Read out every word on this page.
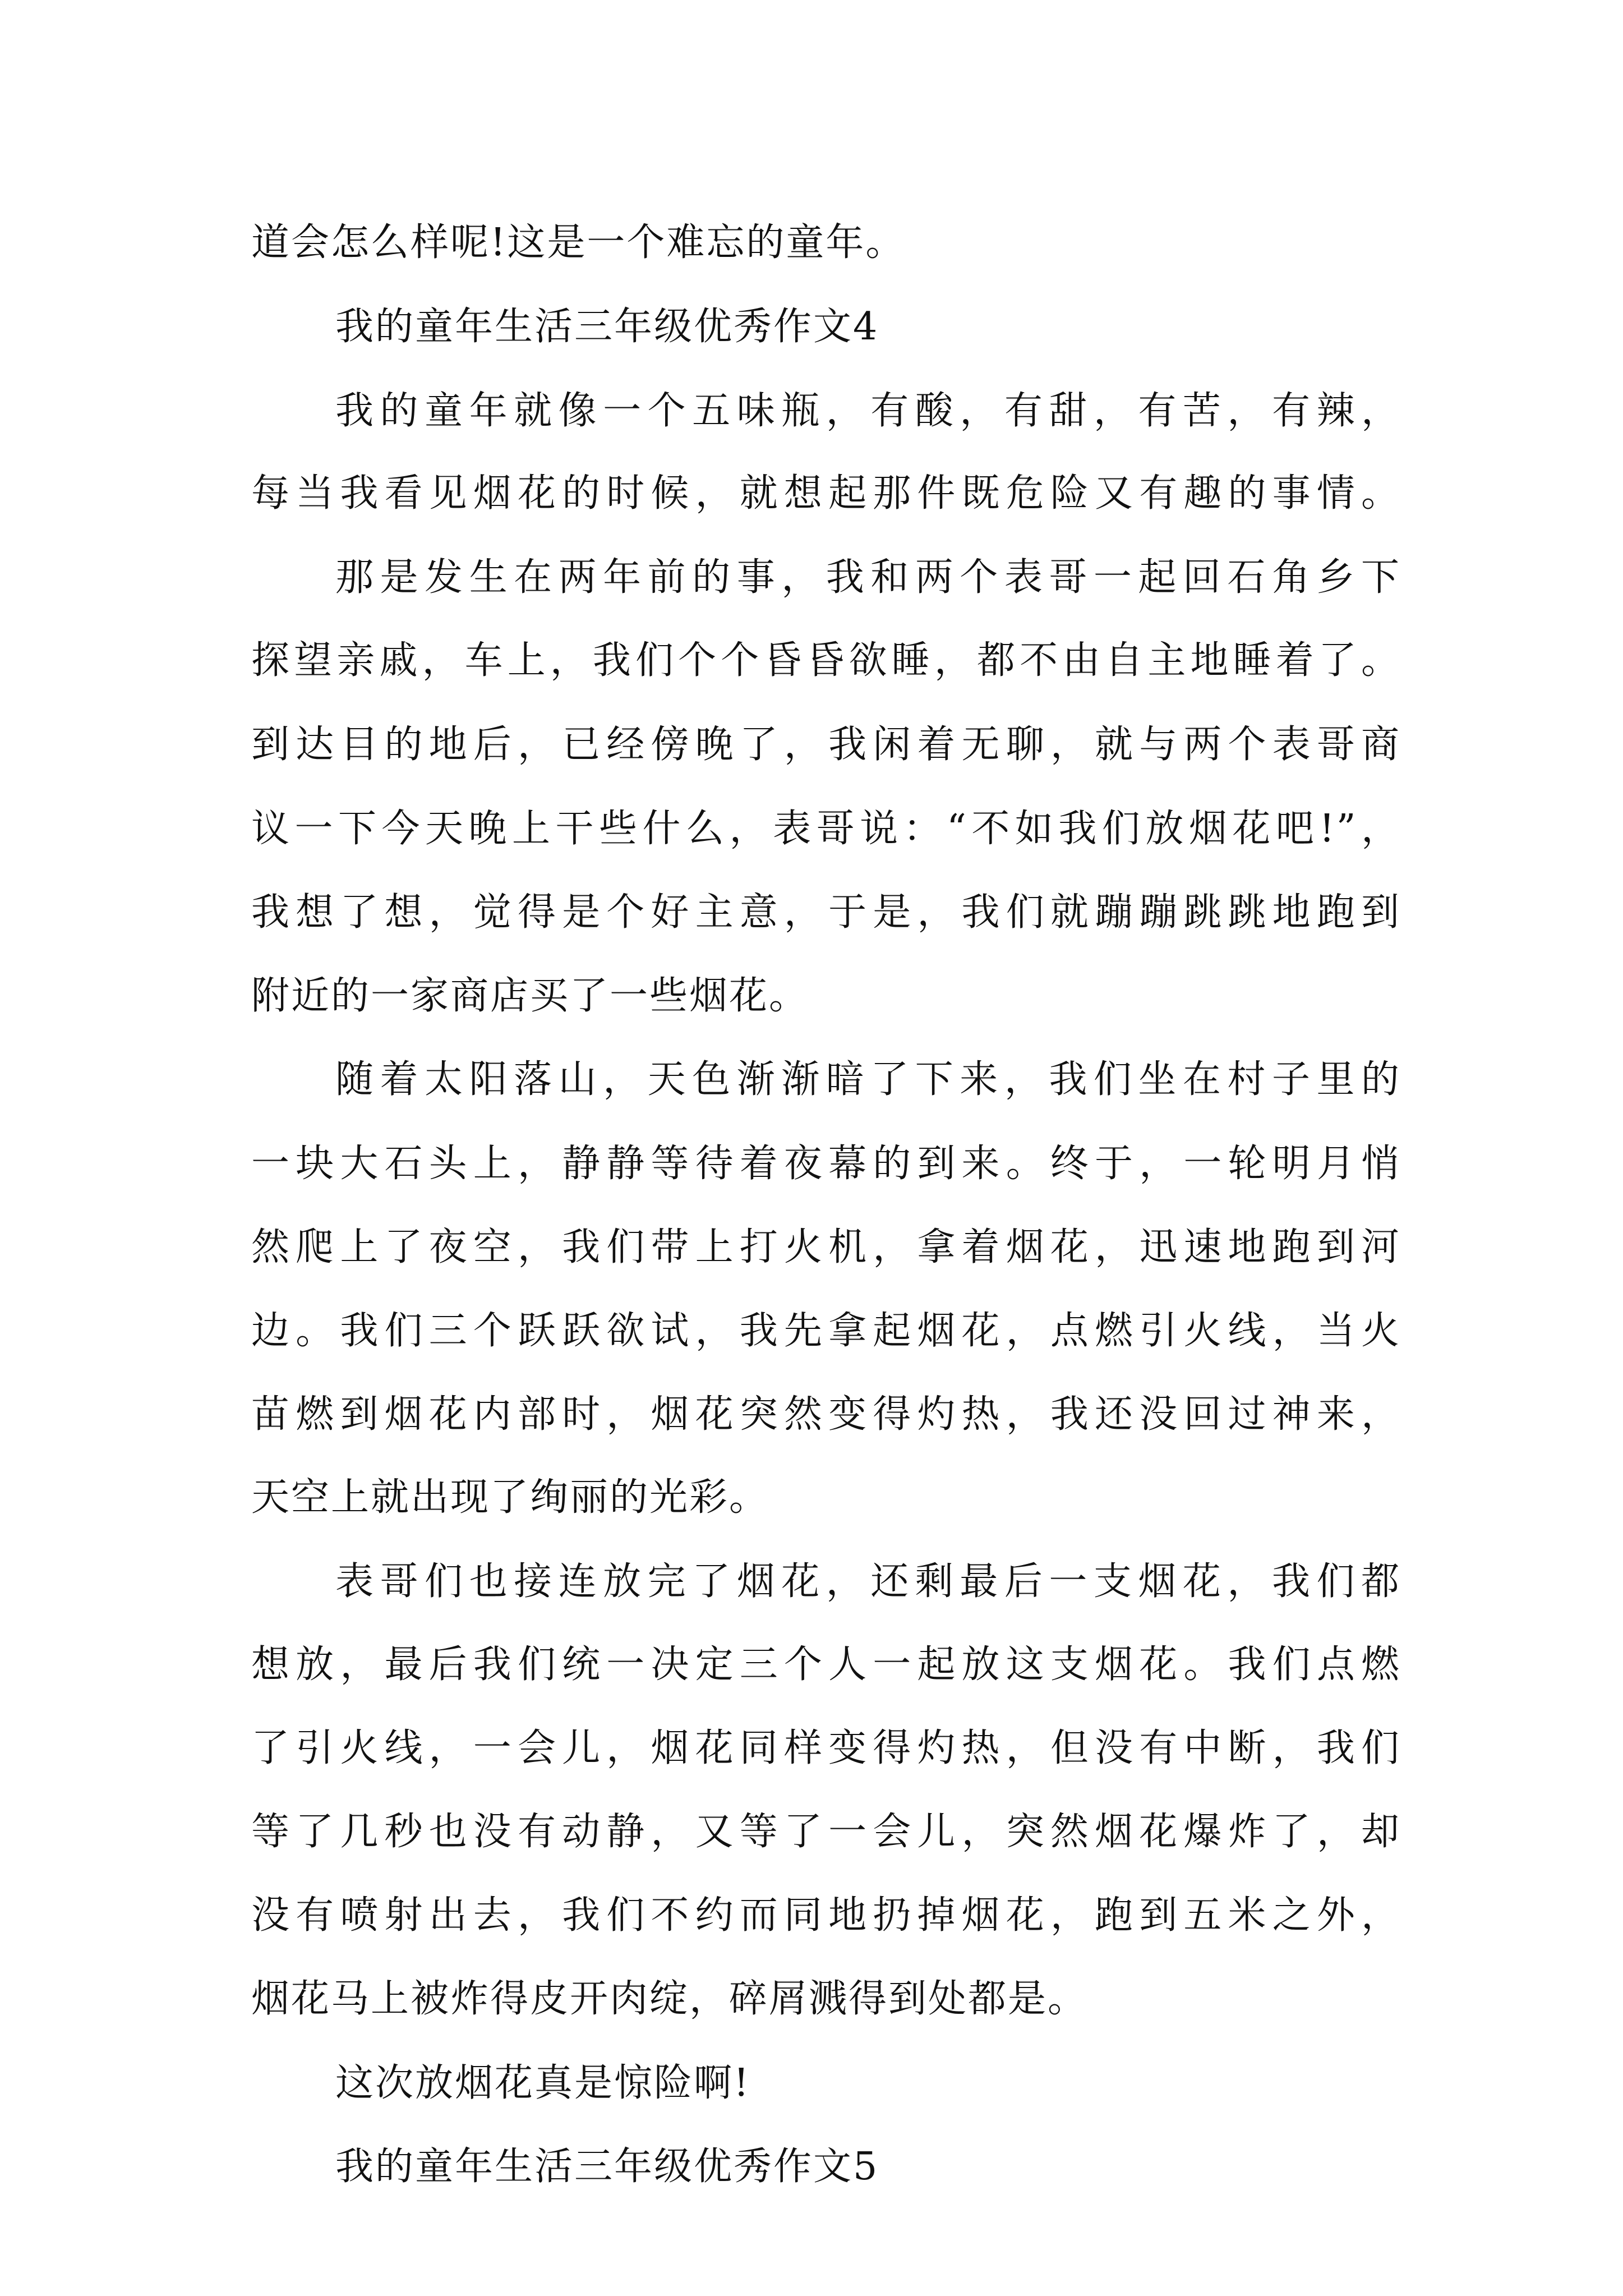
道会怎么样呢!这是一个难忘的童年。
我的童年生活三年级优秀作文4
我的童年就像一个五味瓶，有酸，有甜，有苦，有辣，
每当我看见烟花的时候，就想起那件既危险又有趣的事情。
那是发生在两年前的事，我和两个表哥一起回石角乡下
探望亲戚，车上，我们个个昏昏欲睡，都不由自主地睡着了。
到达目的地后，已经傍晚了，我闲着无聊，就与两个表哥商
议一下今天晚上干些什么，表哥说：“不如我们放烟花吧!”，
我想了想，觉得是个好主意，于是，我们就蹦蹦跳跳地跑到
附近的一家商店买了一些烟花。
随着太阳落山，天色渐渐暗了下来，我们坐在村子里的
一块大石头上，静静等待着夜幕的到来。终于，一轮明月悄
然爬上了夜空，我们带上打火机，拿着烟花，迅速地跑到河
边。我们三个跃跃欲试，我先拿起烟花，点燃引火线，当火
苗燃到烟花内部时，烟花突然变得灼热，我还没回过神来，
天空上就出现了绚丽的光彩。
表哥们也接连放完了烟花，还剩最后一支烟花，我们都
想放，最后我们统一决定三个人一起放这支烟花。我们点燃
了引火线，一会儿，烟花同样变得灼热，但没有中断，我们
等了几秒也没有动静，又等了一会儿，突然烟花爆炸了，却
没有喷射出去，我们不约而同地扔掉烟花，跑到五米之外，
烟花马上被炸得皮开肉绽，碎屑溅得到处都是。
这次放烟花真是惊险啊!
我的童年生活三年级优秀作文5
